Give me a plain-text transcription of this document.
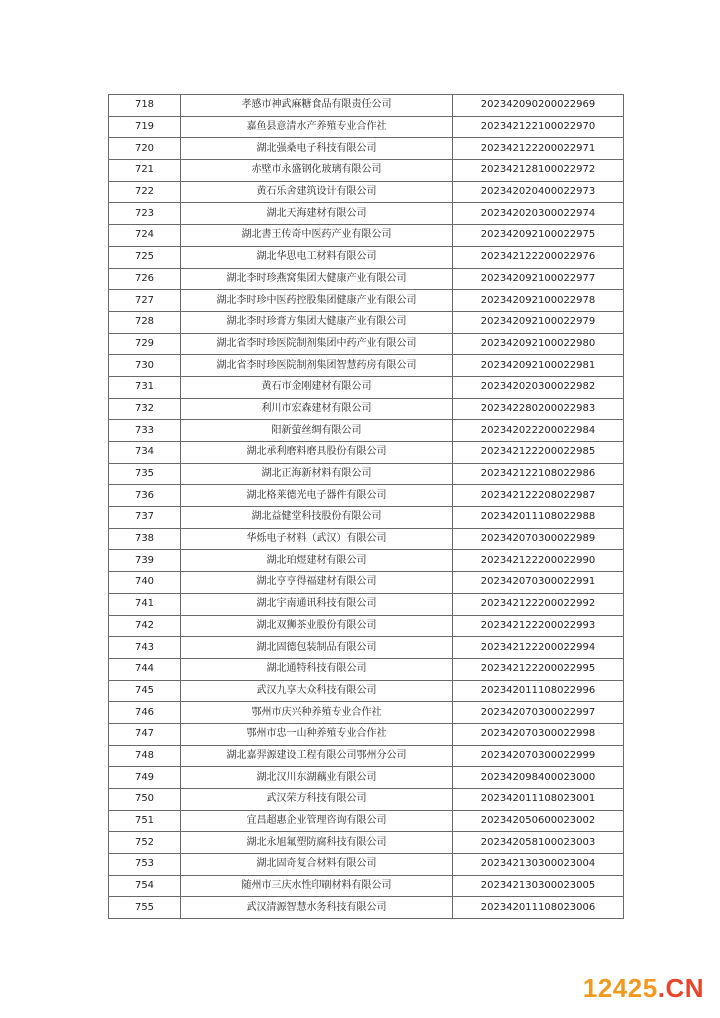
718	孝感市神武麻糖食品有限责任公司	202342090200022969
719	嘉鱼县意清水产养殖专业合作社	202342122100022970
720	湖北强桑电子科技有限公司	202342122200022971
721	赤壁市永盛钢化玻璃有限公司	202342128100022972
722	黄石乐舍建筑设计有限公司	202342020400022973
723	湖北天海建材有限公司	202342020300022974
724	湖北書王传奇中医药产业有限公司	202342092100022975
725	湖北华思电工材料有限公司	202342122200022976
726	湖北李时珍燕窝集团大健康产业有限公司	202342092100022977
727	湖北李时珍中医药控股集团健康产业有限公司	202342092100022978
728	湖北李时珍膏方集团大健康产业有限公司	202342092100022979
729	湖北省李时珍医院制剂集团中药产业有限公司	202342092100022980
730	湖北省李时珍医院制剂集团智慧药房有限公司	202342092100022981
731	黄石市金刚建材有限公司	202342020300022982
732	利川市宏森建材有限公司	202342280200022983
733	阳新萤丝绸有限公司	202342022200022984
734	湖北承利磨料磨具股份有限公司	202342122200022985
735	湖北正海新材料有限公司	202342122108022986
736	湖北格莱德光电子器件有限公司	202342122208022987
737	湖北益健堂科技股份有限公司	202342011108022988
738	华烁电子材料（武汉）有限公司	202342070300022989
739	湖北珀煜建材有限公司	202342122200022990
740	湖北亨亨得福建材有限公司	202342070300022991
741	湖北宇南通讯科技有限公司	202342122200022992
742	湖北双狮茶业股份有限公司	202342122200022993
743	湖北固德包装制品有限公司	202342122200022994
744	湖北通特科技有限公司	202342122200022995
745	武汉九享大众科技有限公司	202342011108022996
746	鄂州市庆兴种养殖专业合作社	202342070300022997
747	鄂州市忠一山种养殖专业合作社	202342070300022998
748	湖北嘉羿源建设工程有限公司鄂州分公司	202342070300022999
749	湖北汉川东湖藕业有限公司	202342098400023000
750	武汉荣方科技有限公司	202342011108023001
751	宜昌超惠企业管理咨询有限公司	202342050600023002
752	湖北永旭氟塑防腐科技有限公司	202342058100023003
753	湖北固奇复合材料有限公司	202342130300023004
754	随州市三庆水性印刷材料有限公司	202342130300023005
755	武汉清源智慧水务科技有限公司	202342011108023006
12425.CN
